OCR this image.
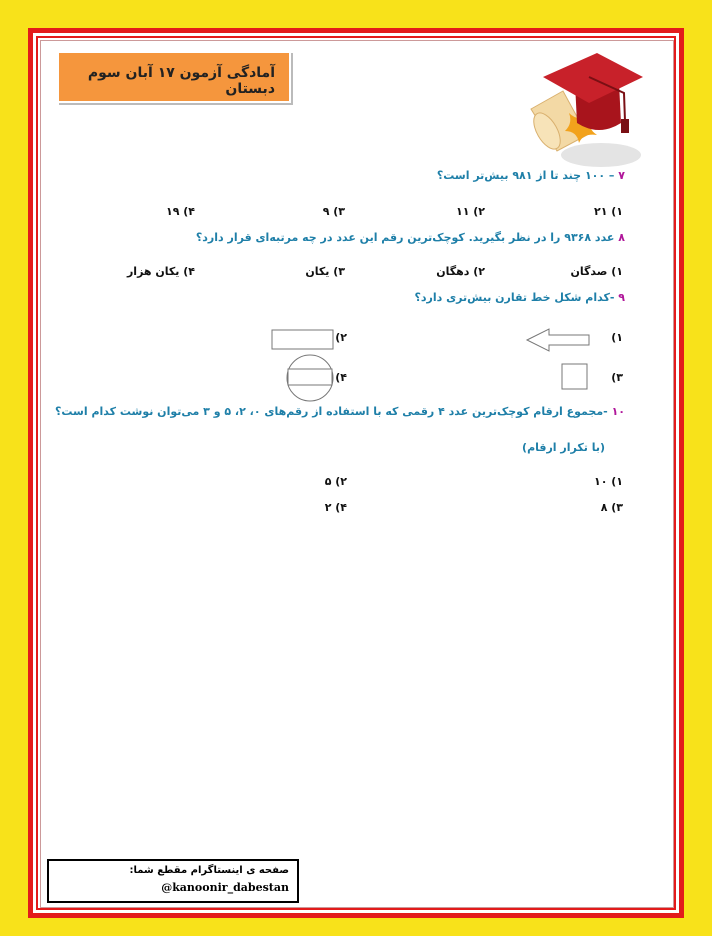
آمادگی آزمون ۱۷ آبان سوم دبستان
۷ – ۱۰۰ چند تا از ۹۸۱ بیش‌تر است؟
۱) ۲۱
۲) ۱۱
۳) ۹
۴) ۱۹
۸ عدد ۹۳۶۸ را در نظر بگیرید. کوچک‌ترین رقم این عدد در چه مرتبه‌ای قرار دارد؟
۱) صدگان
۲) دهگان
۳) یکان
۴) یکان هزار
۹ -کدام شکل خط‌ تقارن بیش‌تری دارد؟
۱)
۲)
۳)
۴)
۱۰ -مجموع ارقام کوچک‌ترین عدد ۴ رقمی که با استفاده از رقم‌های ۰، ۲، ۵ و ۳ می‌توان نوشت کدام است؟
(با تکرار ارقام)
۱) ۱۰
۲) ۵
۳) ۸
۴) ۲
صفحه ی اینستاگرام مقطع شما:
@kanoonir_dabestan
